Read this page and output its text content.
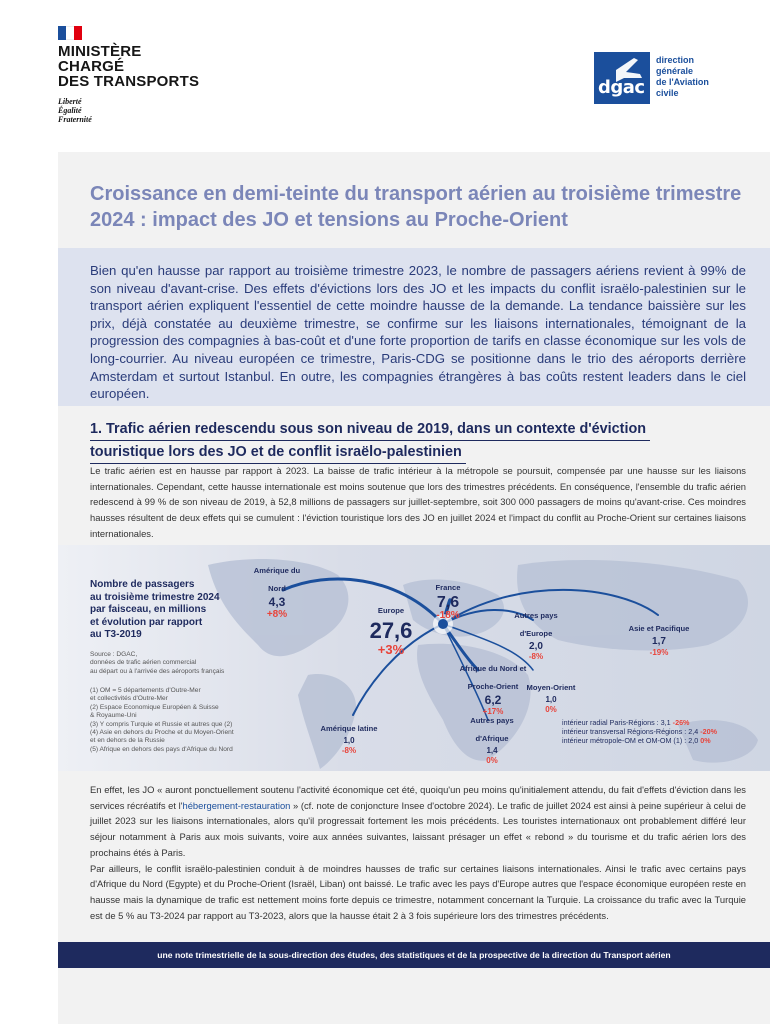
MINISTÈRE
CHARGÉ
DES TRANSPORTS
Liberté
Égalité
Fraternité
dgac
direction
générale
de l'Aviation
civile
Croissance en demi-teinte du transport aérien au troisième trimestre 2024 : impact des JO et tensions au Proche-Orient

Bien qu'en hausse par rapport au troisième trimestre 2023, le nombre de passagers aériens revient à 99% de son niveau d'avant-crise. Des effets d'évictions lors des JO et les impacts du conflit israëlo-palestinien sur le transport aérien expliquent l'essentiel de cette moindre hausse de la demande. La tendance baissière sur les prix, déjà constatée au deuxième trimestre, se confirme sur les liaisons internationales, témoignant de la progression des compagnies à bas-coût et d'une forte proportion de tarifs en classe économique sur les vols de long-courrier. Au niveau européen ce trimestre, Paris-CDG se positionne dans le trio des aéroports derrière Amsterdam et surtout Istanbul. En outre, les compagnies étrangères à bas coûts restent leaders dans le ciel européen.

1. Trafic aérien redescendu sous son niveau de 2019, dans un contexte d'éviction
touristique lors des JO et de conflit israëlo-palestinien

Le trafic aérien est en hausse par rapport à 2023. La baisse de trafic intérieur à la métropole se poursuit, compensée par une hausse sur les liaisons internationales. Cependant, cette hausse internationale est moins soutenue que lors des trimestres précédents. En conséquence, l'ensemble du trafic aérien redescend à 99 % de son niveau de 2019, à 52,8 millions de passagers sur juillet-septembre, soit 300 000 passagers de moins qu'avant-crise. Ces moindres hausses résultent de deux effets qui se cumulent : l'éviction touristique lors des JO en juillet 2024 et l'impact du conflit au Proche-Orient sur certaines liaisons internationales.

Nombre de passagers
au troisième trimestre 2024
par faisceau, en millions
et évolution par rapport
au T3-2019
Source : DGAC,
données de trafic aérien commercial
au départ ou à l'arrivée des aéroports français
(1) OM = 5 départements d'Outre-Mer
et collectivités d'Outre-Mer
(2) Espace Economique Européen & Suisse
& Royaume-Uni
(3) Y compris Turquie et Russie et autres que (2)
(4) Asie en dehors du Proche et du Moyen-Orient
et en dehors de la Russie
(5) Afrique en dehors des pays d'Afrique du Nord
Amérique du Nord
4,3
+8%
France
7,6
-18%
Europe
27,6
+3%
Autres pays d'Europe
2,0
-8%
Asie et Pacifique
1,7
-19%
Afrique du Nord et Proche-Orient
6,2
+17%
Moyen-Orient
1,0
0%
Autres pays d'Afrique
1,4
0%
Amérique latine
1,0
-8%
intérieur radial Paris-Régions : 3,1 -26%
intérieur transversal Régions-Régions : 2,4 -20%
intérieur métropole-OM et OM-OM (1) : 2,0 0%

En effet, les JO « auront ponctuellement soutenu l'activité économique cet été, quoiqu'un peu moins qu'initialement attendu, du fait d'effets d'éviction dans les services récréatifs et l'hébergement-restauration » (cf. note de conjoncture Insee d'octobre 2024). Le trafic de juillet 2024 est ainsi à peine supérieur à celui de juillet 2023 sur les liaisons internationales, alors qu'il progressait fortement les mois précédents. Les touristes internationaux ont probablement différé leur séjour notamment à Paris aux mois suivants, voire aux années suivantes, laissant présager un effet « rebond » du tourisme et du trafic aérien lors des prochains étés à Paris.

Par ailleurs, le conflit israëlo-palestinien conduit à de moindres hausses de trafic sur certaines liaisons internationales. Ainsi le trafic avec certains pays d'Afrique du Nord (Egypte) et du Proche-Orient (Israël, Liban) ont baissé. Le trafic avec les pays d'Europe autres que l'espace économique européen reste en hausse mais la dynamique de trafic est nettement moins forte depuis ce trimestre, notamment concernant la Turquie. La croissance du trafic avec la Turquie est de 5 % au T3-2024 par rapport au T3-2023, alors que la hausse était 2 à 3 fois supérieure lors des trimestres précédents.

une note trimestrielle de la sous-direction des études, des statistiques et de la prospective de la direction du Transport aérien
